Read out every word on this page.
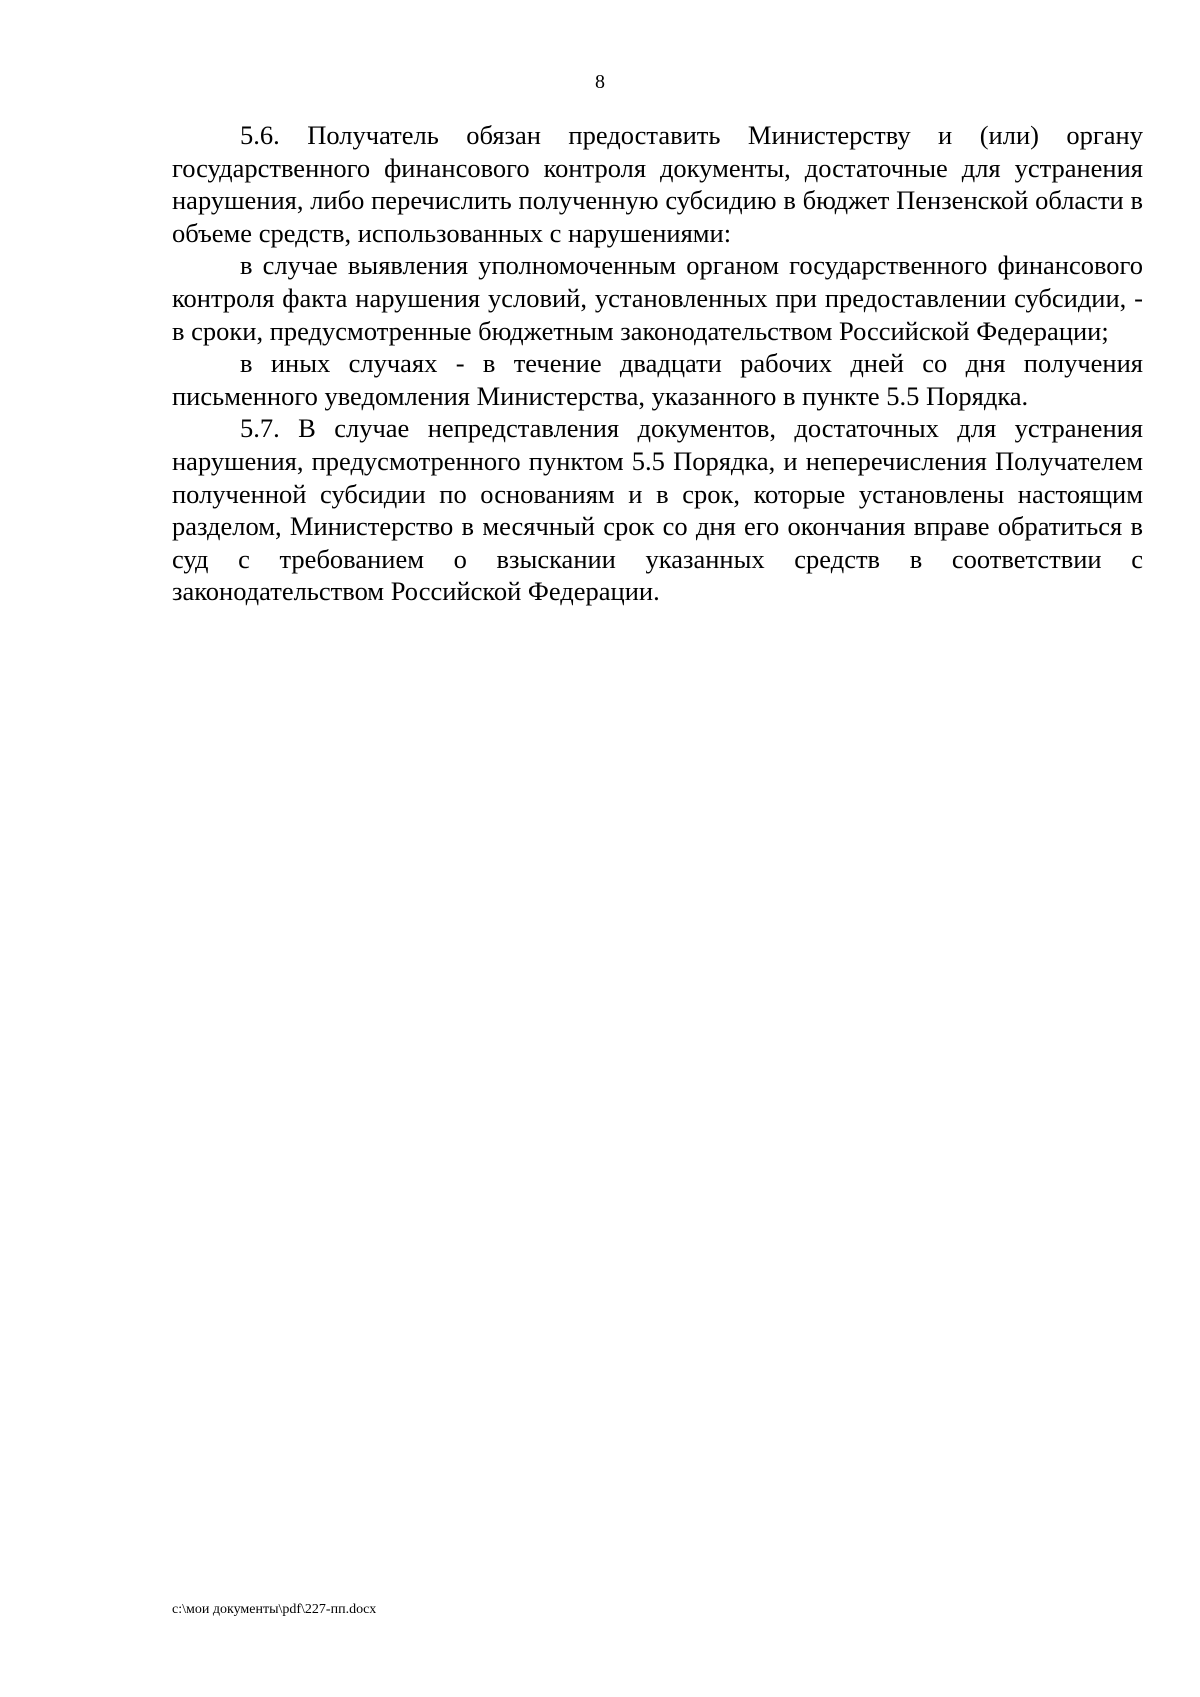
8

5.6. Получатель обязан предоставить Министерству и (или) органу государственного финансового контроля документы, достаточные для устранения нарушения, либо перечислить полученную субсидию в бюджет Пензенской области в объеме средств, использованных с нарушениями:

в случае выявления уполномоченным органом государственного финансового контроля факта нарушения условий, установленных при предоставлении субсидии, - в сроки, предусмотренные бюджетным законодательством Российской Федерации;

в иных случаях - в течение двадцати рабочих дней со дня получения письменного уведомления Министерства, указанного в пункте 5.5 Порядка.

5.7. В случае непредставления документов, достаточных для устранения нарушения, предусмотренного пунктом 5.5 Порядка, и неперечисления Получателем полученной субсидии по основаниям и в срок, которые установлены настоящим разделом, Министерство в месячный срок со дня его окончания вправе обратиться в суд с требованием о взыскании указанных средств в соответствии с законодательством Российской Федерации.

c:\мои документы\pdf\227-пп.docx
